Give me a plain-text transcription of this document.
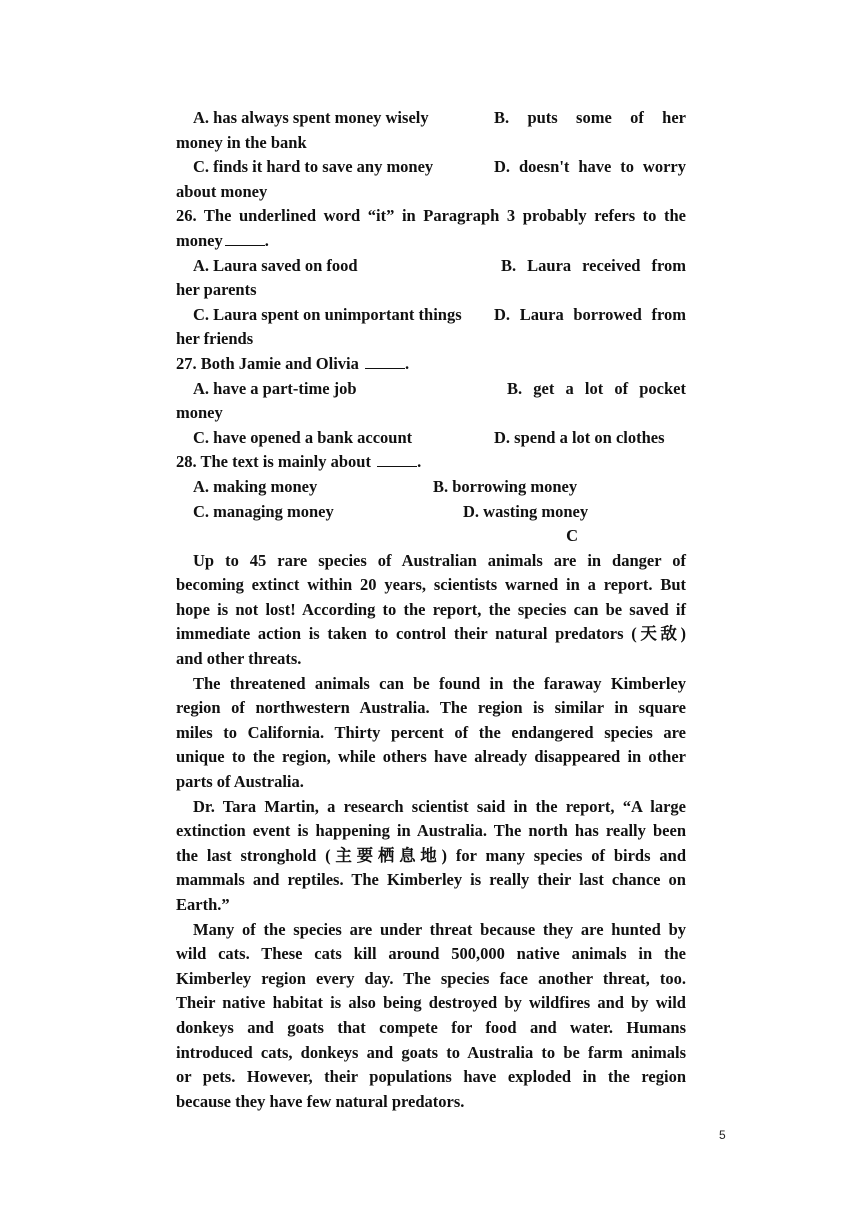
A. has always spent money wisely	B. puts some of her
money in the bank
C. finds it hard to save any money	D. doesn't have to worry
about money
26. The underlined word “it” in Paragraph 3 probably refers to the
money	.
A. Laura saved on food	B. Laura received from
her parents
C. Laura spent on unimportant things D. Laura borrowed from
her friends
27. Both Jamie and Olivia	.
A. have a part-time job	B. get a lot of pocket
money
C. have opened a bank account	D. spend a lot on clothes
28. The text is mainly about	.
A. making money	B. borrowing money
C. managing money	D. wasting money
C
Up to 45 rare species of Australian animals are in danger of
becoming extinct within 20 years, scientists warned in a report. But
hope is not lost! According to the report, the species can be saved if
immediate action is taken to control their natural predators (天敌)
and other threats.
The threatened animals can be found in the faraway Kimberley
region of northwestern Australia. The region is similar in square
miles to California. Thirty percent of the endangered species are
unique to the region, while others have already disappeared in other
parts of Australia.
Dr. Tara Martin, a research scientist said in the report, “A large
extinction event is happening in Australia. The north has really been
the last stronghold (主要栖息地) for many species of birds and
mammals and reptiles. The Kimberley is really their last chance on
Earth.”
Many of the species are under threat because they are hunted by
wild cats. These cats kill around 500,000 native animals in the
Kimberley region every day. The species face another threat, too.
Their native habitat is also being destroyed by wildfires and by wild
donkeys and goats that compete for food and water. Humans
introduced cats, donkeys and goats to Australia to be farm animals
or pets. However, their populations have exploded in the region
because they have few natural predators.
5
